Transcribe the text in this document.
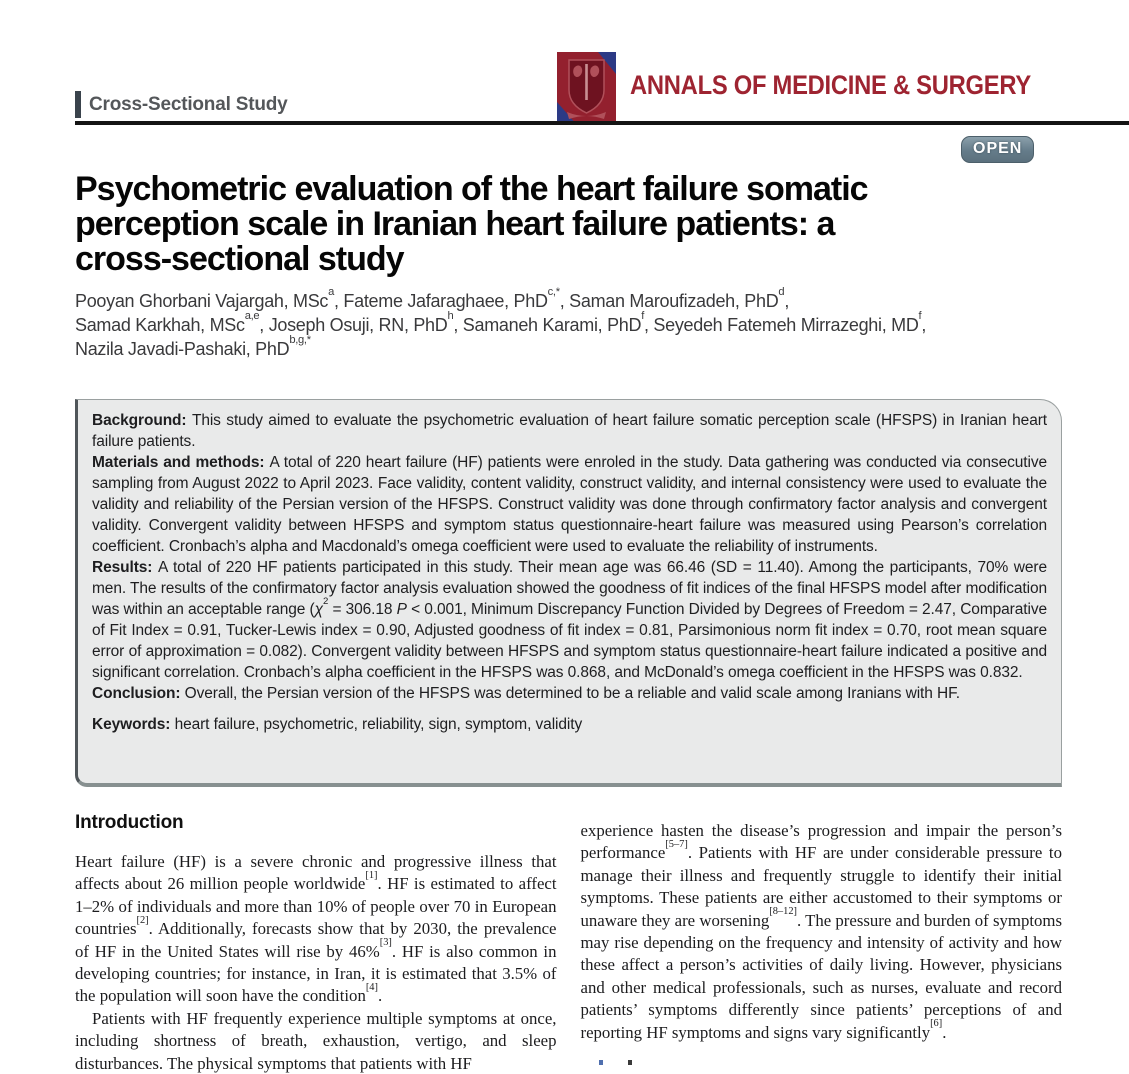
Cross-Sectional Study
ANNALS OF MEDICINE & SURGERY
OPEN
Psychometric evaluation of the heart failure somatic
perception scale in Iranian heart failure patients: a
cross-sectional study
Pooyan Ghorbani Vajargah, MSc$^a$, Fateme Jafaraghaee, PhD$^{c,*}$, Saman Maroufizadeh, PhD$^d$,
Samad Karkhah, MSc$^{a,e}$, Joseph Osuji, RN, PhD$^h$, Samaneh Karami, PhD$^f$, Seyedeh Fatemeh Mirrazeghi, $MD^f$,
Nazila Javadi-Pashaki, PhD$^{b,g,*}$

Background: This study aimed to evaluate the psychometric evaluation of heart failure somatic perception scale (HFSPS) in Iranian heart failure patients.

Materials and methods: A total of 220 heart failure (HF) patients were enroled in the study. Data gathering was conducted via consecutive sampling from August 2022 to April 2023. Face validity, content validity, construct validity, and internal consistency were used to evaluate the validity and reliability of the Persian version of the HFSPS. Construct validity was done through confirmatory factor analysis and convergent validity. Convergent validity between HFSPS and symptom status questionnaire-heart failure was measured using Pearson’s correlation coefficient. Cronbach’s alpha and Macdonald’s omega coefficient were used to evaluate the reliability of instruments.

Results: A total of 220 HF patients participated in this study. Their mean age was 66.46 (SD = 11.40). Among the participants, 70% were men. The results of the confirmatory factor analysis evaluation showed the goodness of fit indices of the final HFSPS model after modification was within an acceptable range ($\chi^2 = 306.18$ P < 0.001, Minimum Discrepancy Function Divided by Degrees of Freedom = 2.47, Comparative of Fit Index = 0.91, Tucker-Lewis index = 0.90, Adjusted goodness of fit index = 0.81, Parsimonious norm fit index = 0.70, root mean square error of approximation = 0.082). Convergent validity between HFSPS and symptom status questionnaire-heart failure indicated a positive and significant correlation. Cronbach’s alpha coefficient in the HFSPS was 0.868, and McDonald’s omega coefficient in the HFSPS was 0.832.

Conclusion: Overall, the Persian version of the HFSPS was determined to be a reliable and valid scale among Iranians with HF.

Keywords: heart failure, psychometric, reliability, sign, symptom, validity

Introduction

Heart failure (HF) is a severe chronic and progressive illness that affects about 26 million people worldwide[1]. HF is estimated to affect 1–2% of individuals and more than 10% of people over 70 in European countries[2]. Additionally, forecasts show that by 2030, the prevalence of HF in the United States will rise by 46%[3]. HF is also common in developing countries; for instance, in Iran, it is estimated that 3.5% of the population will soon have the condition[4].

Patients with HF frequently experience multiple symptoms at once, including shortness of breath, exhaustion, vertigo, and sleep disturbances. The physical symptoms that patients with HF

experience hasten the disease’s progression and impair the person’s performance[5–7]. Patients with HF are under considerable pressure to manage their illness and frequently struggle to identify their initial symptoms. These patients are either accustomed to their symptoms or unaware they are worsening[8–12]. The pressure and burden of symptoms may rise depending on the frequency and intensity of activity and how these affect a person’s activities of daily living. However, physicians and other medical professionals, such as nurses, evaluate and record patients’ symptoms differently since patients’ perceptions of and reporting HF symptoms and signs vary significantly[6].
